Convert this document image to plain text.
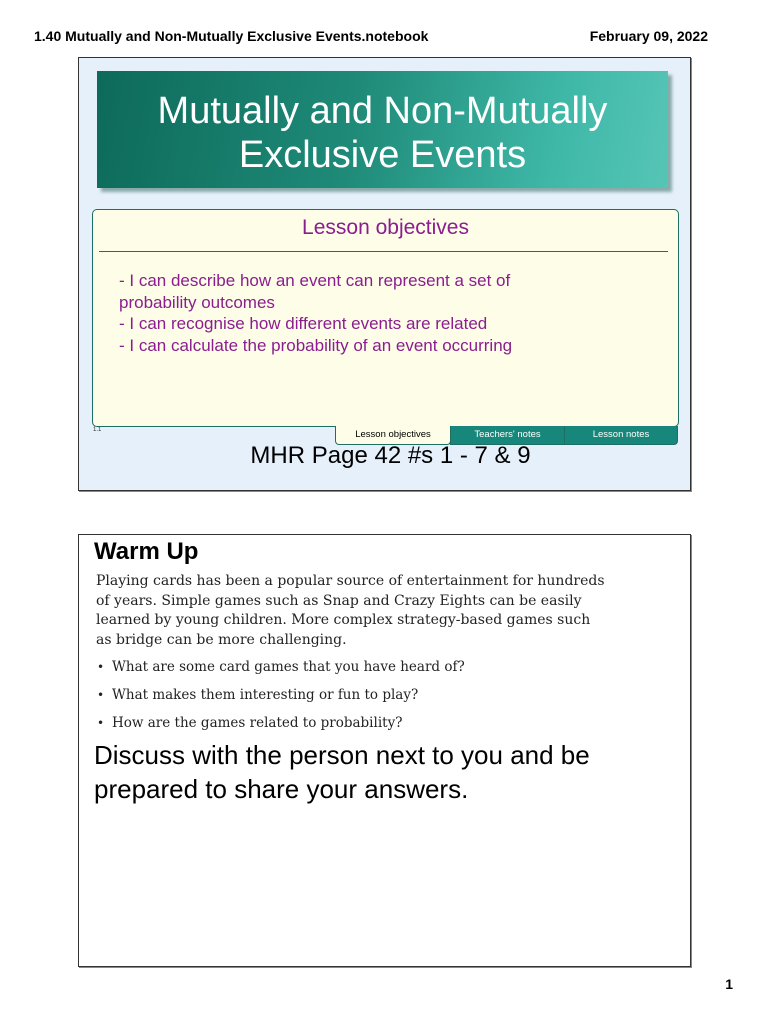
1.40 Mutually and Non-Mutually Exclusive Events.notebook	February 09, 2022
Mutually and Non-Mutually
Exclusive Events
Lesson objectives
- I can describe how an event can represent a set of
probability outcomes
- I can recognise how different events are related
- I can calculate the probability of an event occurring
1.1	Lesson objectives	Teachers' notes	Lesson notes
MHR Page 42 #s 1 - 7 & 9
Warm Up
Playing cards has been a popular source of entertainment for hundreds
of years. Simple games such as Snap and Crazy Eights can be easily
learned by young children. More complex strategy-based games such
as bridge can be more challenging.
• What are some card games that you have heard of?
• What makes them interesting or fun to play?
• How are the games related to probability?
Discuss with the person next to you and be
prepared to share your answers.
1
